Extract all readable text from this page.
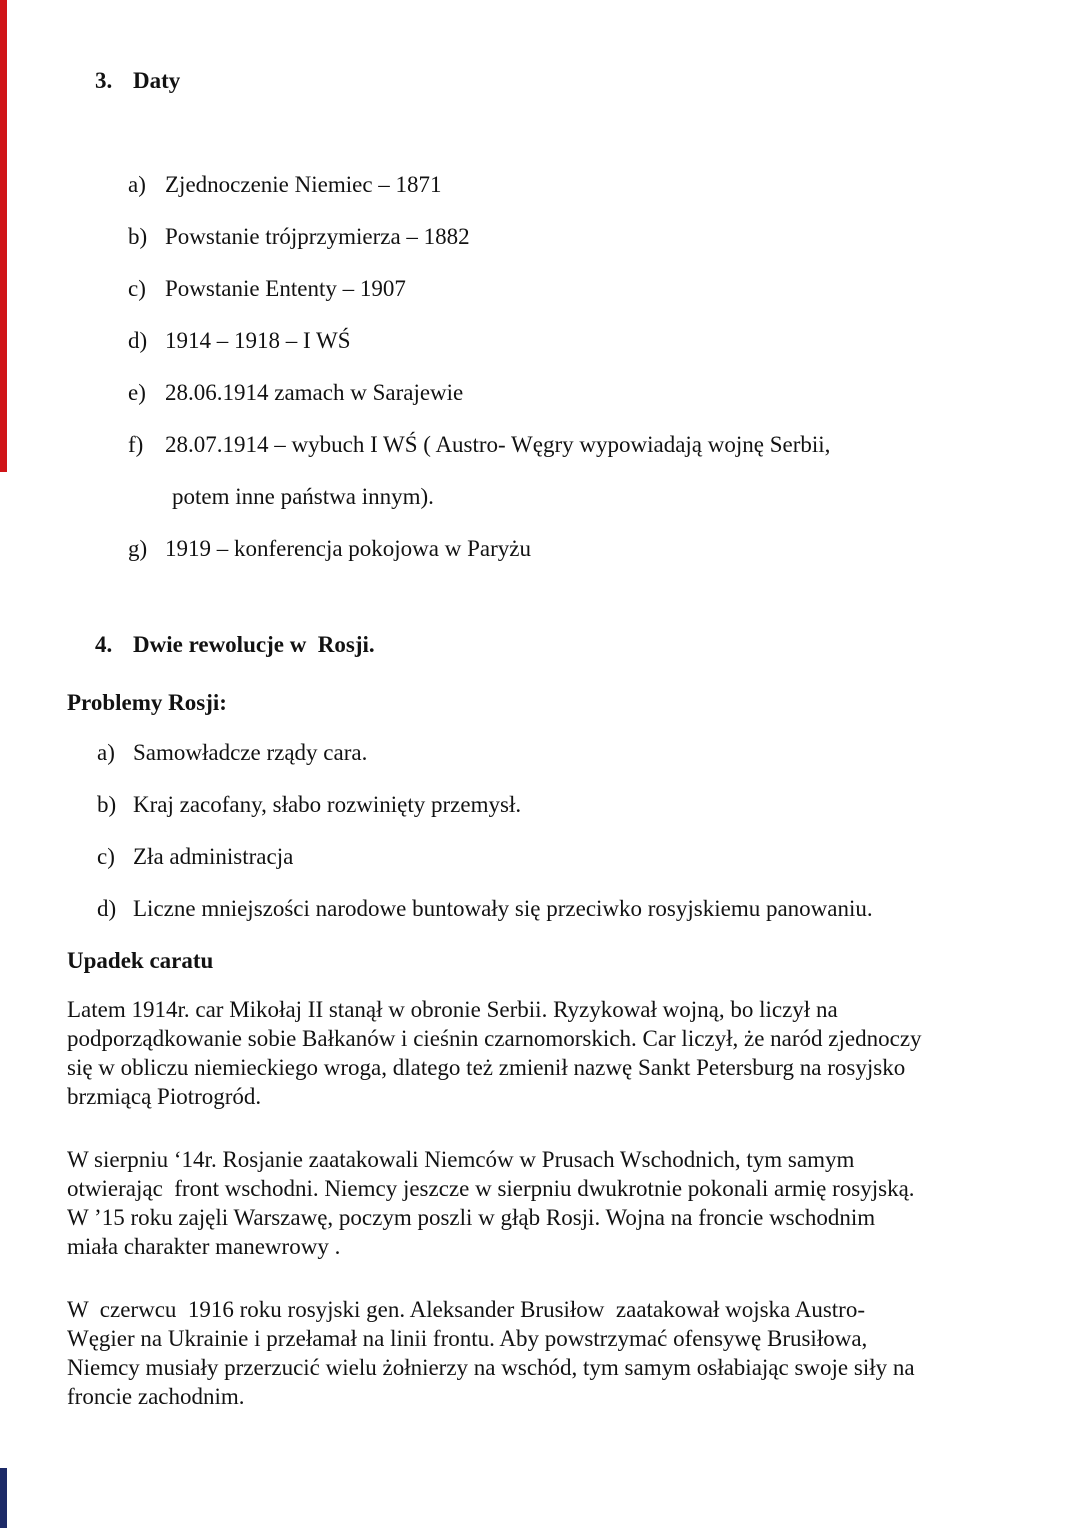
3. Daty
a) Zjednoczenie Niemiec – 1871
b) Powstanie trójprzymierza – 1882
c) Powstanie Ententy – 1907
d) 1914 – 1918 – I WŚ
e) 28.06.1914 zamach w Sarajewie
f) 28.07.1914 – wybuch I WŚ ( Austro- Węgry wypowiadają wojnę Serbii,
potem inne państwa innym).
g) 1919 – konferencja pokojowa w Paryżu
4. Dwie rewolucje w  Rosji.
Problemy Rosji:
a) Samowładcze rządy cara.
b) Kraj zacofany, słabo rozwinięty przemysł.
c) Zła administracja
d) Liczne mniejszości narodowe buntowały się przeciwko rosyjskiemu panowaniu.
Upadek caratu
Latem 1914r. car Mikołaj II stanął w obronie Serbii. Ryzykował wojną, bo liczył na
podporządkowanie sobie Bałkanów i cieśnin czarnomorskich. Car liczył, że naród zjednoczy
się w obliczu niemieckiego wroga, dlatego też zmienił nazwę Sankt Petersburg na rosyjsko
brzmiącą Piotrogród.
W sierpniu ‘14r. Rosjanie zaatakowali Niemców w Prusach Wschodnich, tym samym
otwierając  front wschodni. Niemcy jeszcze w sierpniu dwukrotnie pokonali armię rosyjską.
W ’15 roku zajęli Warszawę, poczym poszli w głąb Rosji. Wojna na froncie wschodnim
miała charakter manewrowy .
W  czerwcu  1916 roku rosyjski gen. Aleksander Brusiłow  zaatakował wojska Austro-
Węgier na Ukrainie i przełamał na linii frontu. Aby powstrzymać ofensywę Brusiłowa,
Niemcy musiały przerzucić wielu żołnierzy na wschód, tym samym osłabiając swoje siły na
froncie zachodnim.
